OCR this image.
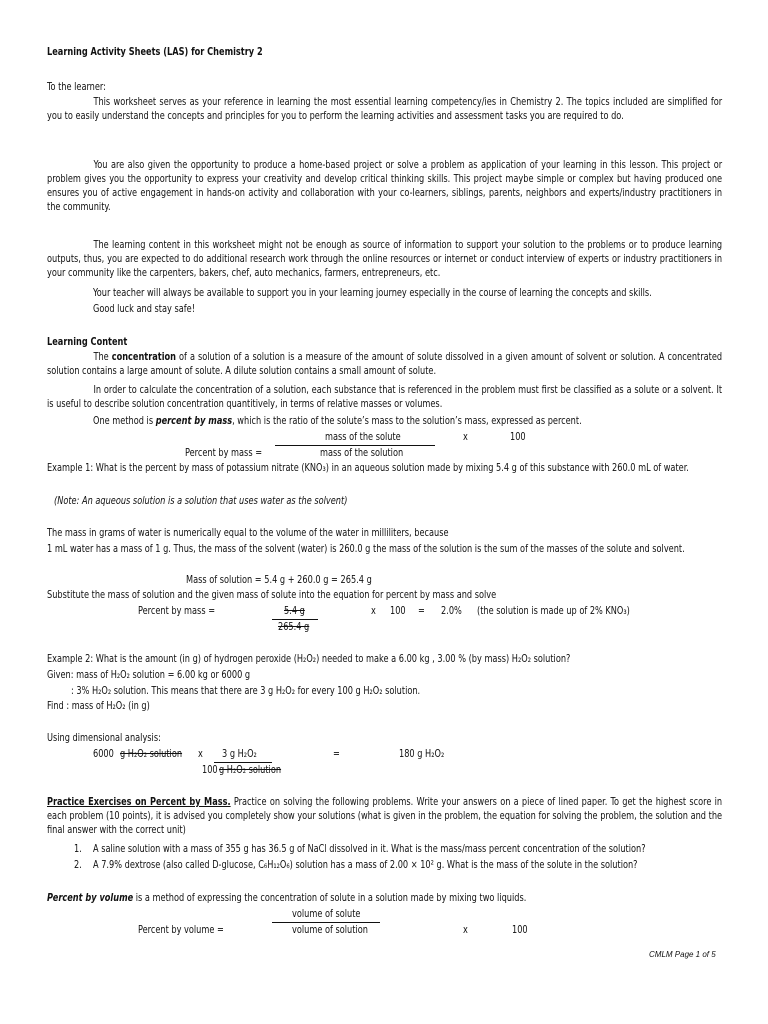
Learning Activity Sheets (LAS) for Chemistry 2
To the learner:
This worksheet serves as your reference in learning the most essential learning competency/ies in Chemistry 2. The topics included are simplified for you to easily understand the concepts and principles for you to perform the learning activities and assessment tasks you are required to do.
You are also given the opportunity to produce a home-based project or solve a problem as application of your learning in this lesson. This project or problem gives you the opportunity to express your creativity and develop critical thinking skills. This project maybe simple or complex but having produced one ensures you of active engagement in hands-on activity and collaboration with your co-learners, siblings, parents, neighbors and experts/industry practitioners in the community.
The learning content in this worksheet might not be enough as source of information to support your solution to the problems or to produce learning outputs, thus, you are expected to do additional research work through the online resources or internet or conduct interview of experts or industry practitioners in your community like the carpenters, bakers, chef, auto mechanics, farmers, entrepreneurs, etc.
Your teacher will always be available to support you in your learning journey especially in the course of learning the concepts and skills.
Good luck and stay safe!
Learning Content
The concentration of a solution of a solution is a measure of the amount of solute dissolved in a given amount of solvent or solution. A concentrated solution contains a large amount of solute. A dilute solution contains a small amount of solute.
In order to calculate the concentration of a solution, each substance that is referenced in the problem must first be classified as a solute or a solvent. It is useful to describe solution concentration quantitively, in terms of relative masses or volumes.
One method is percent by mass, which is the ratio of the solute’s mass to the solution’s mass, expressed as percent.
mass of the solute	x	100
Percent by mass =	mass of the solution
Example 1: What is the percent by mass of potassium nitrate (KNO₃) in an aqueous solution made by mixing 5.4 g of this substance with 260.0 mL of water.
(Note: An aqueous solution is a solution that uses water as the solvent)
The mass in grams of water is numerically equal to the volume of the water in milliliters, because
1 mL water has a mass of 1 g. Thus, the mass of the solvent (water) is 260.0 g the mass of the solution is the sum of the masses of the solute and solvent.
Mass of solution = 5.4 g + 260.0 g = 265.4 g
Substitute the mass of solution and the given mass of solute into the equation for percent by mass and solve
Percent by mass =	5.4 g	x 100 = 2.0% (the solution is made up of 2% KNO₃)
265.4 g
Example 2: What is the amount (in g) of hydrogen peroxide (H₂O₂) needed to make a 6.00 kg , 3.00 % (by mass) H₂O₂ solution?
Given: mass of H₂O₂ solution = 6.00 kg or 6000 g
: 3% H₂O₂ solution. This means that there are 3 g H₂O₂ for every 100 g H₂O₂ solution.
Find : mass of H₂O₂ (in g)
Using dimensional analysis:
6000 g H₂O₂ solution x 3 g H₂O₂	=	180 g H₂O₂
100 g H₂O₂ solution
Practice Exercises on Percent by Mass. Practice on solving the following problems. Write your answers on a piece of lined paper. To get the highest score in each problem (10 points), it is advised you completely show your solutions (what is given in the problem, the equation for solving the problem, the solution and the final answer with the correct unit)
1. A saline solution with a mass of 355 g has 36.5 g of NaCl dissolved in it. What is the mass/mass percent concentration of the solution?
2. A 7.9% dextrose (also called D-glucose, C₆H₁₂O₆) solution has a mass of 2.00 × 10² g. What is the mass of the solute in the solution?
Percent by volume is a method of expressing the concentration of solute in a solution made by mixing two liquids.
volume of solute
Percent by volume =	volume of solution	x	100
CMLM Page 1 of 5
